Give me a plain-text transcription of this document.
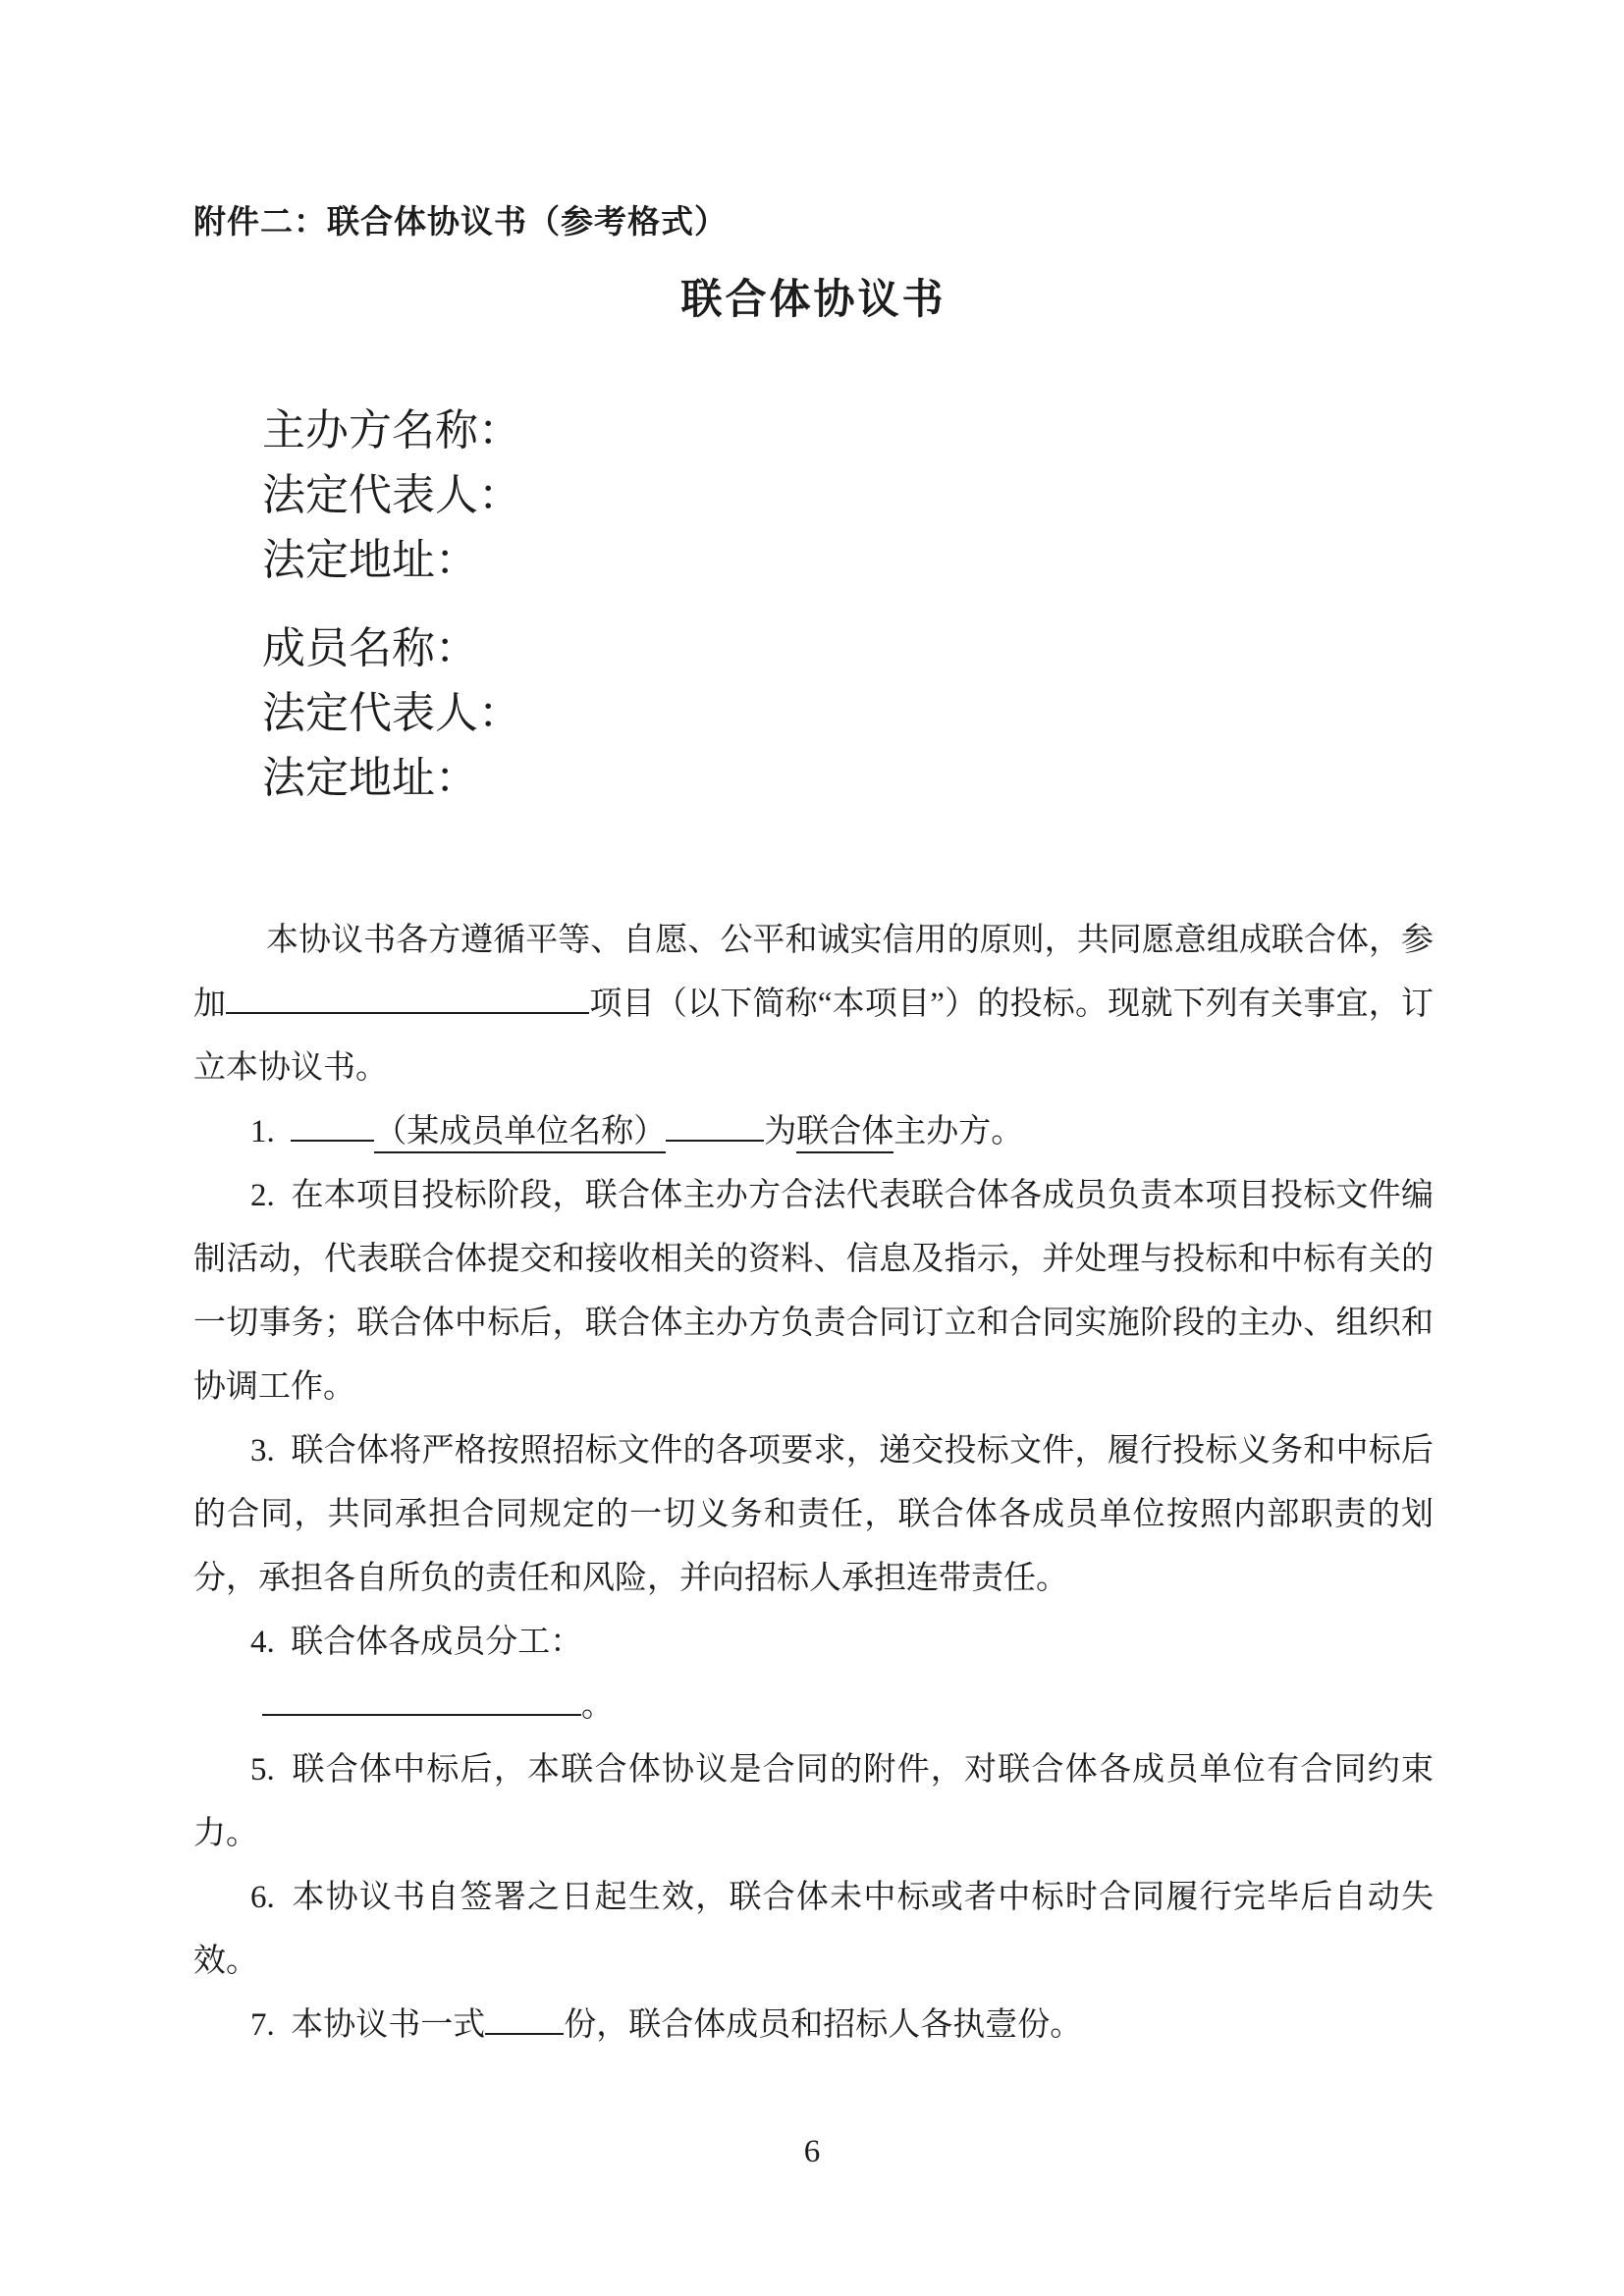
附件二：联合体协议书（参考格式）

联合体协议书
主办方名称：
法定代表人：
法定地址：
成员名称：
法定代表人：
法定地址：

本协议书各方遵循平等、自愿、公平和诚实信用的原则，共同愿意组成联合体，参加	项目（以下简称“本项目”）的投标。现就下列有关事宜，订立本协议书。

1. 	（某成员单位名称）	为联合体主办方。

2. 在本项目投标阶段，联合体主办方合法代表联合体各成员负责本项目投标文件编制活动，代表联合体提交和接收相关的资料、信息及指示，并处理与投标和中标有关的一切事务；联合体中标后，联合体主办方负责合同订立和合同实施阶段的主办、组织和协调工作。

3. 联合体将严格按照招标文件的各项要求，递交投标文件，履行投标义务和中标后的合同，共同承担合同规定的一切义务和责任，联合体各成员单位按照内部职责的划分，承担各自所负的责任和风险，并向招标人承担连带责任。

4. 联合体各成员分工：

。

5. 联合体中标后，本联合体协议是合同的附件，对联合体各成员单位有合同约束力。

6. 本协议书自签署之日起生效，联合体未中标或者中标时合同履行完毕后自动失效。

7. 本协议书一式 份，联合体成员和招标人各执壹份。

6
